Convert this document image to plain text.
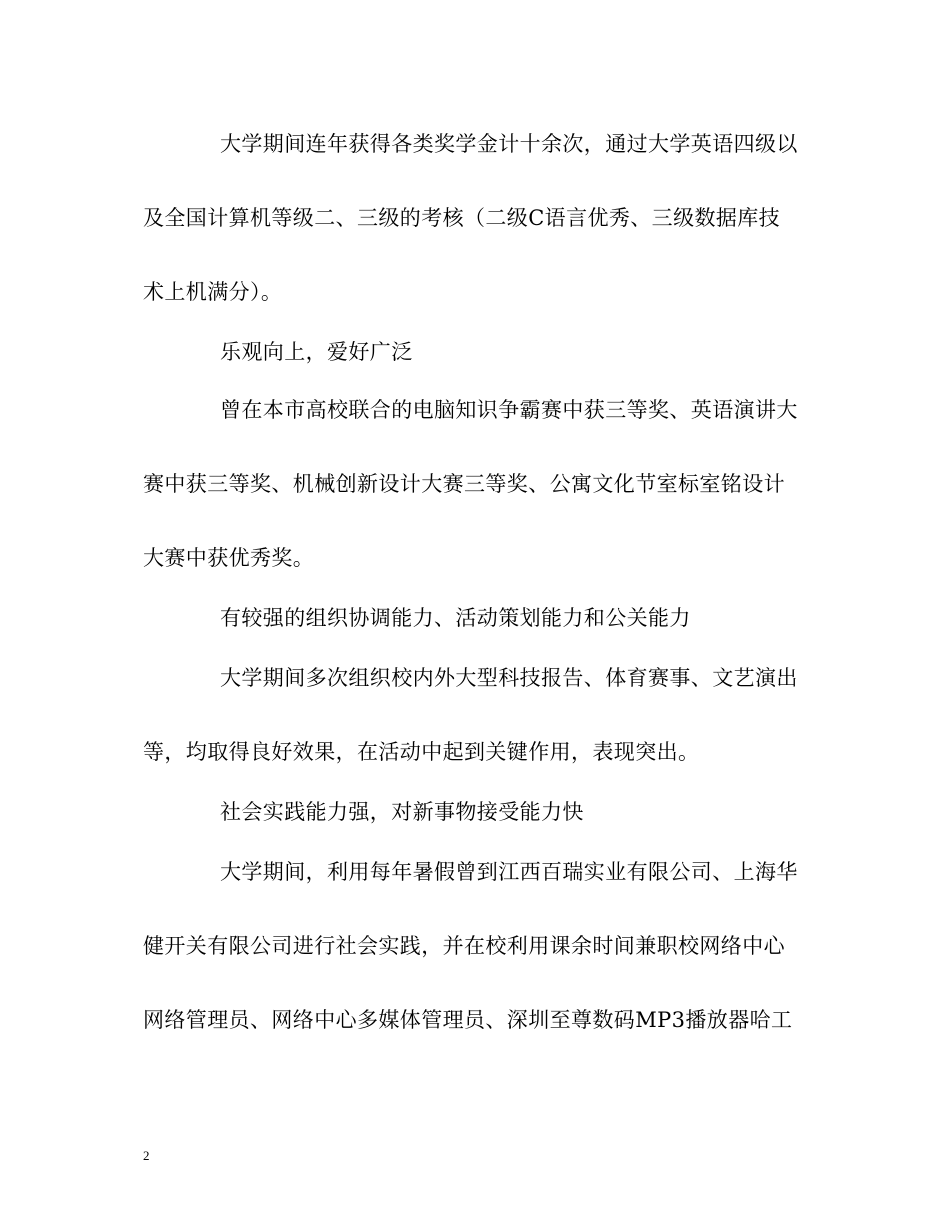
大学期间连年获得各类奖学金计十余次，通过大学英语四级以
及全国计算机等级二、三级的考核（二级C语言优秀、三级数据库技
术上机满分）。
乐观向上，爱好广泛
曾在本市高校联合的电脑知识争霸赛中获三等奖、英语演讲大
赛中获三等奖、机械创新设计大赛三等奖、公寓文化节室标室铭设计
大赛中获优秀奖。
有较强的组织协调能力、活动策划能力和公关能力
大学期间多次组织校内外大型科技报告、体育赛事、文艺演出
等，均取得良好效果，在活动中起到关键作用，表现突出。
社会实践能力强，对新事物接受能力快
大学期间，利用每年暑假曾到江西百瑞实业有限公司、上海华
健开关有限公司进行社会实践，并在校利用课余时间兼职校网络中心
网络管理员、网络中心多媒体管理员、深圳至尊数码MP3播放器哈工
2
